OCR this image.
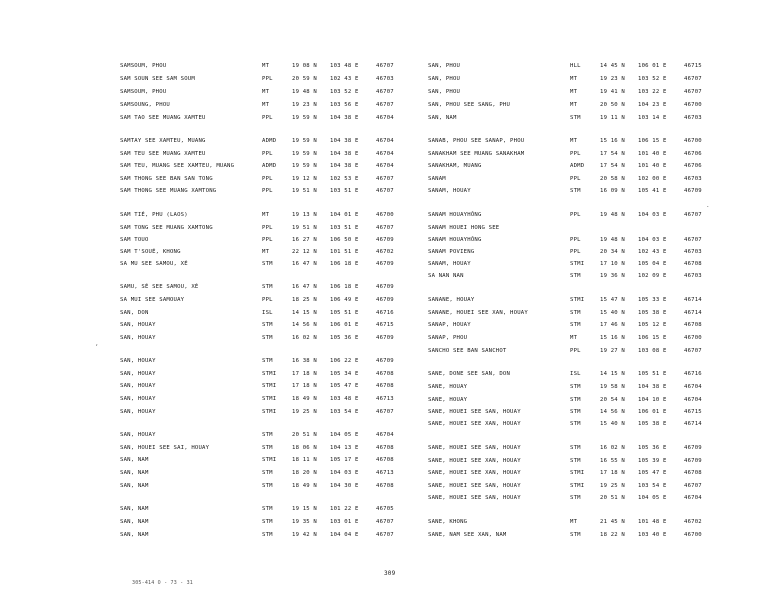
SAMSOUM, PHOU	MT	19 08 N 103 48 E	46707
SAM SOUN SEE SAM SOUM	PPL	20 59 N 102 43 E	46703
SAMSOUM, PHOU	MT	19 48 N 103 52 E	46707
SAMSOUNG, PHOU	MT	19 23 N 103 56 E	46707
SAM TAO SEE MUANG XAMTEU	PPL	19 59 N 104 38 E	46704
SAMTAY SEE XAMTEU, MUANG	ADMD	19 59 N 104 38 E	46704
SAM TEU SEE MUANG XAMTEU	PPL	19 59 N 104 38 E	46704
SAM TEU, MUANG SEE XAMTEU, MUANG	ADMD	19 59 N 104 38 E	46704
SAM THONG SEE BAN SAN TONG	PPL	19 12 N 102 53 E	46707
SAM THONG SEE MUANG XAMTONG	PPL	19 51 N 103 51 E	46707
SAM TIÉ, PHU (LAOS)	MT	19 13 N 104 01 E	46700
SAM TONG SEE MUANG XAMTONG	PPL	19 51 N 103 51 E	46707
SAM TOUO	PPL	16 27 N 106 50 E	46709
SAM T'SOUÉ, KHONG	MT	22 12 N 101 51 E	46702
SA MU SEE SAMOU, XÉ	STM	16 47 N 106 18 E	46709
SAMU, SÉ SEE SAMOU, XÉ	STM	16 47 N 106 18 E	46709
SA MUI SEE SAMOUAY	PPL	18 25 N 106 49 E	46709
SAN, DON	ISL	14 15 N 105 51 E	46716
SAN, HOUAY	STM	14 56 N 106 01 E	46715
SAN, HOUAY	STM	16 02 N 105 36 E	46709
SAN, HOUAY	STM	16 38 N 106 22 E	46709
SAN, HOUAY	STMI	17 18 N 105 34 E	46708
SAN, HOUAY	STMI	17 18 N 105 47 E	46708
SAN, HOUAY	STMI	18 49 N 103 48 E	46713
SAN, HOUAY	STMI	19 25 N 103 54 E	46707
SAN, HOUAY	STM	20 51 N 104 05 E	46704
SAN, HOUEI SEE SAI, HOUAY	STM	18 06 N 104 13 E	46708
SAN, NAM	STMI	18 11 N 105 17 E	46708
SAN, NAM	STM	18 20 N 104 03 E	46713
SAN, NAM	STM	18 49 N 104 30 E	46708
SAN, NAM	STM	19 15 N 101 22 E	46705
SAN, NAM	STM	19 35 N 103 01 E	46707
SAN, NAM	STM	19 42 N 104 04 E	46707
SAN, PHOU	HLL	14 45 N 106 01 E	46715
SAN, PHOU	MT	19 23 N 103 52 E	46707
SAN, PHOU	MT	19 41 N 103 22 E	46707
SAN, PHOU SEE SANG, PHU	MT	20 50 N 104 23 E	46700
SAN, NAM	STM	19 11 N 103 14 E	46703
SANAB, PHOU SEE SANAP, PHOU	MT	15 16 N 106 15 E	46700
SANAKHAM SEE MUANG SANAKHAM	PPL	17 54 N 101 40 E	46706
SANAKHAM, MUANG	ADMD	17 54 N 101 40 E	46706
SANAM	PPL	20 58 N 102 00 E	46703
SANAM, HOUAY	STM	16 09 N 105 41 E	46709
SANAM HOUAYHÔNG	PPL	19 48 N 104 03 E	46707
SANAM HOUEI HONG SEE
SANAM HOUAYHÔNG	PPL	19 48 N 104 03 E	46707
SANAM POVIENG	PPL	20 34 N 102 43 E	46703
SANAM, HOUAY	STMI	17 10 N 105 04 E	46708
SA NAN NAN	STM	19 36 N 102 09 E	46703
SANANE, HOUAY	STMI	15 47 N 105 33 E	46714
SANANE, HOUEI SEE XAN, HOUAY	STM	15 40 N 105 38 E	46714
SANAP, HOUAY	STM	17 46 N 105 12 E	46708
SANAP, PHOU	MT	15 16 N 106 15 E	46700
SANCHO SEE BAN SANCHOT	PPL	19 27 N 103 08 E	46707
SANE, DONE SEE SAN, DON	ISL	14 15 N 105 51 E	46716
SANE, HOUAY	STM	19 58 N 104 38 E	46704
SANE, HOUAY	STM	20 54 N 104 10 E	46704
SANE, HOUEI SEE SAN, HOUAY	STM	14 56 N 106 01 E	46715
SANE, HOUEI SEE XAN, HOUAY	STM	15 40 N 105 38 E	46714
SANE, HOUEI SEE SAN, HOUAY	STM	16 02 N 105 36 E	46709
SANE, HOUEI SEE XAN, HOUAY	STM	16 55 N 105 39 E	46709
SANE, HOUEI SEE XAN, HOUAY	STMI	17 18 N 105 47 E	46708
SANE, HOUEI SEE SAN, HOUAY	STMI	19 25 N 103 54 E	46707
SANE, HOUEI SEE SAN, HOUAY	STM	20 51 N 104 05 E	46704
SANE, KHONG	MT	21 45 N 101 48 E	46702
SANE, NAM SEE XAN, NAM	STM	18 22 N 103 40 E	46700
,
.
309
305-414 O - 73 - 31
